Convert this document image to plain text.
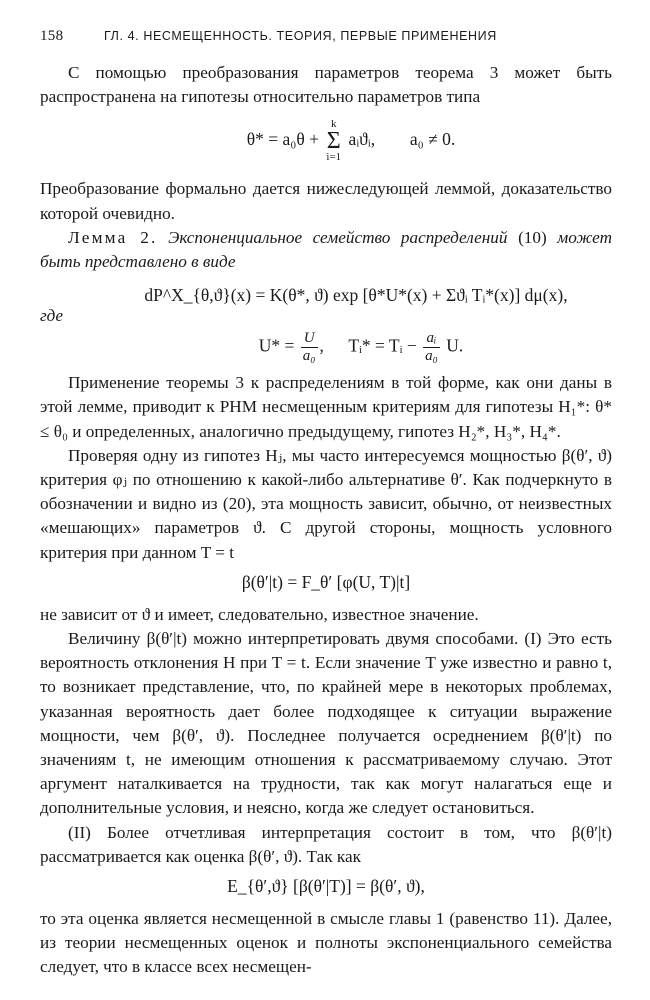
158	ГЛ. 4. НЕСМЕЩЕННОСТЬ. ТЕОРИЯ, ПЕРВЫЕ ПРИМЕНЕНИЯ

С помощью преобразования параметров теорема 3 может быть распространена на гипотезы относительно параметров типа

θ* = a₀θ + k
Σ
i=1 aᵢϑᵢ, a₀ ≠ 0.

Преобразование формально дается нижеследующей леммой, доказательство которой очевидно.

Лемма 2. Экспоненциальное семейство распределений (10) может быть представлено в виде

dP^X_{θ,ϑ}(x) = K(θ*, ϑ) exp [θ*U*(x) + Σϑᵢ Tᵢ*(x)] dμ(x),
где
$U* = \frac{U}{\text{a₀}}$ ,  Tᵢ* = Tᵢ − $\frac{\text{aᵢ}}{\text{a₀}} U$.

Применение теоремы 3 к распределениям в той форме, как они даны в этой лемме, приводит к РНМ несмещенным критериям для гипотезы H₁*: θ* ≤ θ₀ и определенных, аналогично предыдущему, гипотез H₂*, H₃*, H₄*.

Проверяя одну из гипотез Hⱼ, мы часто интересуемся мощностью β(θ′, ϑ) критерия φⱼ по отношению к какой-либо альтернативе θ′. Как подчеркнуто в обозначении и видно из (20), эта мощность зависит, обычно, от неизвестных «мешающих» параметров ϑ. С другой стороны, мощность условного критерия при данном T = t

β(θ′|t) = F_θ′ [φ(U, T)|t]

не зависит от ϑ и имеет, следовательно, известное значение.

Величину β(θ′|t) можно интерпретировать двумя способами. (I) Это есть вероятность отклонения H при T = t. Если значение T уже известно и равно t, то возникает представление, что, по крайней мере в некоторых проблемах, указанная вероятность дает более подходящее к ситуации выражение мощности, чем β(θ′, ϑ). Последнее получается осреднением β(θ′|t) по значениям t, не имеющим отношения к рассматриваемому случаю. Этот аргумент наталкивается на трудности, так как могут налагаться еще и дополнительные условия, и неясно, когда же следует остановиться.

(II) Более отчетливая интерпретация состоит в том, что β(θ′|t) рассматривается как оценка β(θ′, ϑ). Так как

E_{θ′,ϑ} [β(θ′|T)] = β(θ′, ϑ),

то эта оценка является несмещенной в смысле главы 1 (равенство 11). Далее, из теории несмещенных оценок и полноты экспоненциального семейства следует, что в классе всех несмещен-
